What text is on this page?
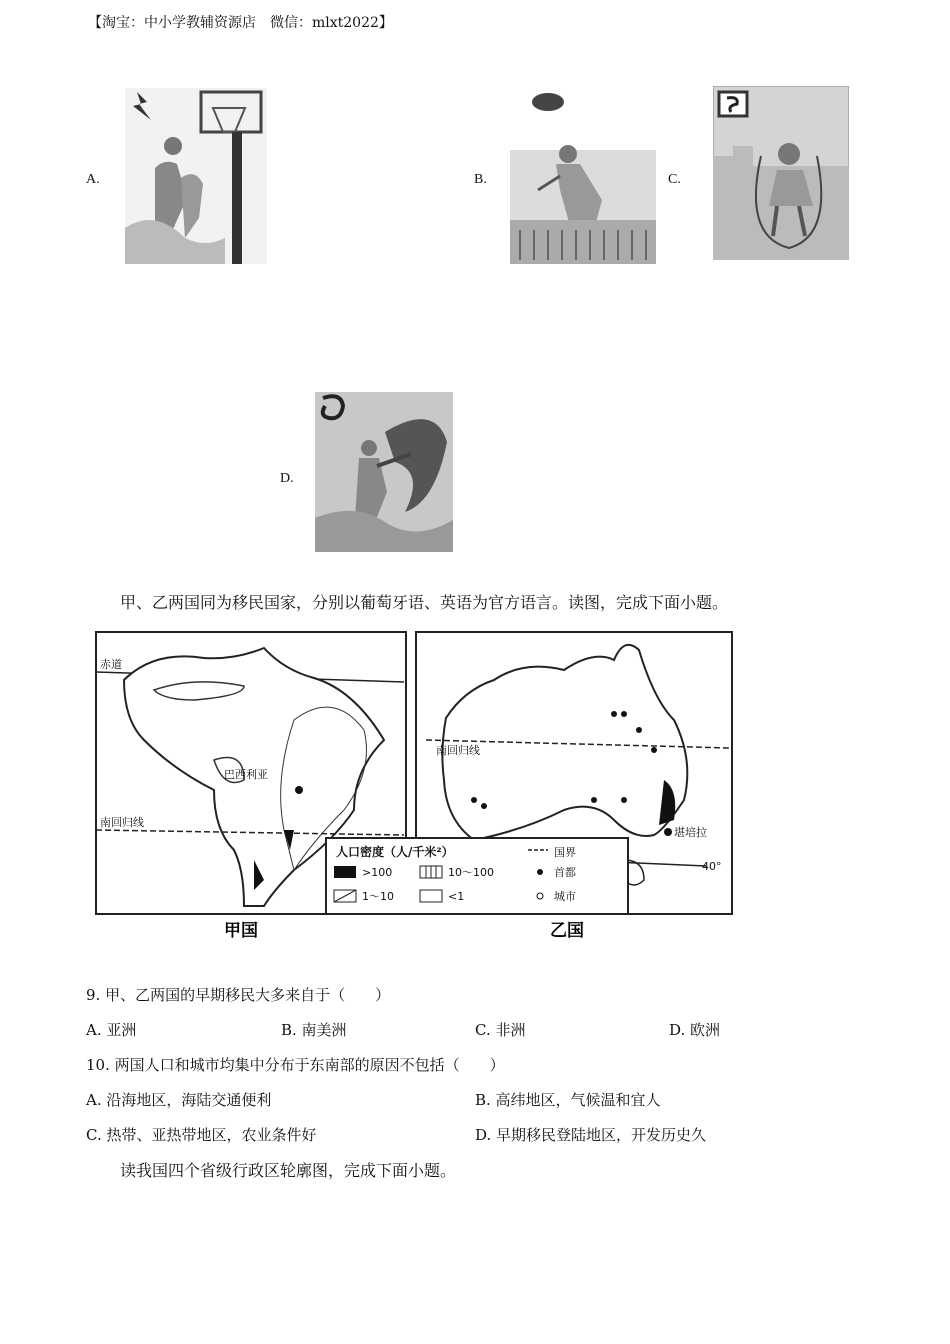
【淘宝：中小学教辅资源店　微信：mlxt2022】
A.	B.	C.
D.
甲、乙两国同为移民国家，分别以葡萄牙语、英语为官方语言。读图，完成下面小题。
赤道
巴西利亚
南回归线
南回归线
40°
堪培拉
人口密度（人/千米²）	国界
>100	10～100	首都
1～10	<1	城市
甲国	乙国
9. 甲、乙两国的早期移民大多来自于（　　）
A. 亚洲	B. 南美洲	C. 非洲	D. 欧洲
10. 两国人口和城市均集中分布于东南部的原因不包括（　　）
A. 沿海地区，海陆交通便利	B. 高纬地区，气候温和宜人
C. 热带、亚热带地区，农业条件好	D. 早期移民登陆地区，开发历史久
读我国四个省级行政区轮廓图，完成下面小题。
